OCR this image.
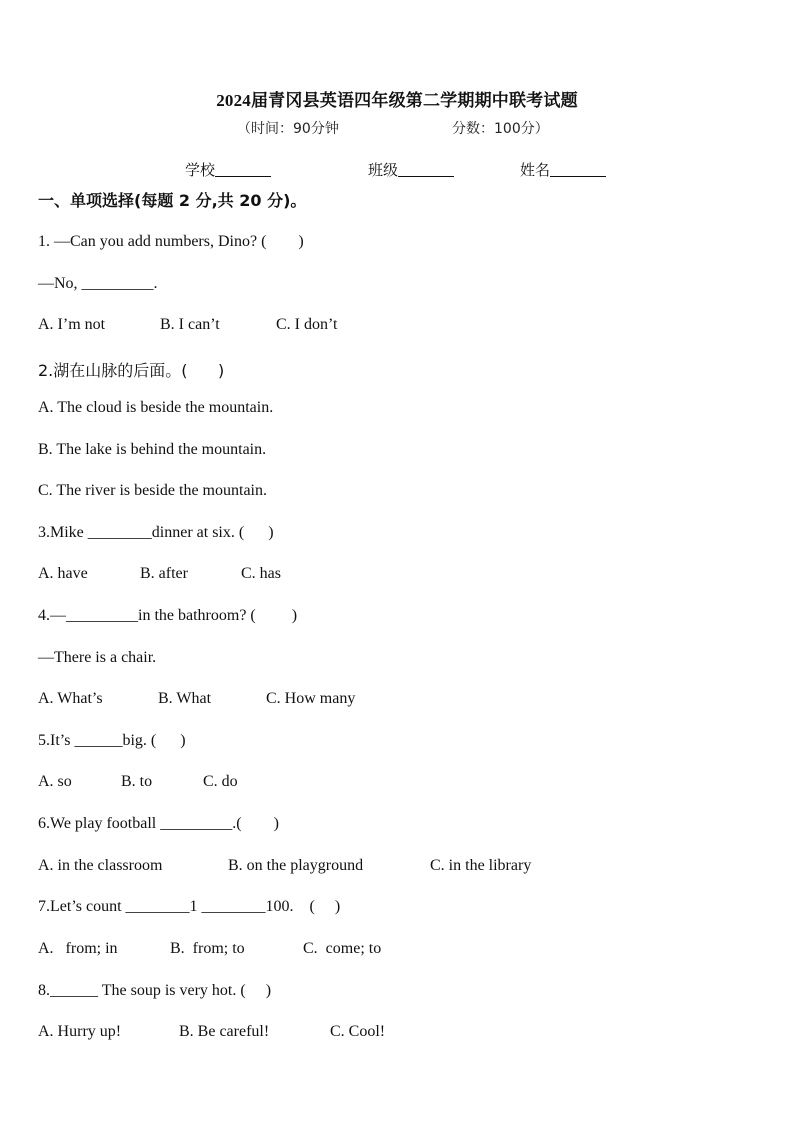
2024届青冈县英语四年级第二学期期中联考试题
（时间：90分钟	分数：100分）
学校	班级	姓名
一、单项选择(每题 2 分,共 20 分)。
1. —Can you add numbers, Dino? (        )
—No, _________.
A. I’m not	B. I can’t	C. I don’t
2.湖在山脉的后面。(      )
A. The cloud is beside the mountain.
B. The lake is behind the mountain.
C. The river is beside the mountain.
3.Mike ________dinner at six. (      )
A. have	B. after	C. has
4.—_________in the bathroom? (         )
—There is a chair.
A. What’s	B. What	C. How many
5.It’s ______big. (      )
A. so	B. to	C. do
6.We play football _________.(        )
A. in the classroom	B. on the playground	C. in the library
7.Let’s count ________1 ________100.    (     )
A.   from; in	B.  from; to	C.  come; to
8.______ The soup is very hot. (     )
A. Hurry up!	B. Be careful!	C. Cool!
